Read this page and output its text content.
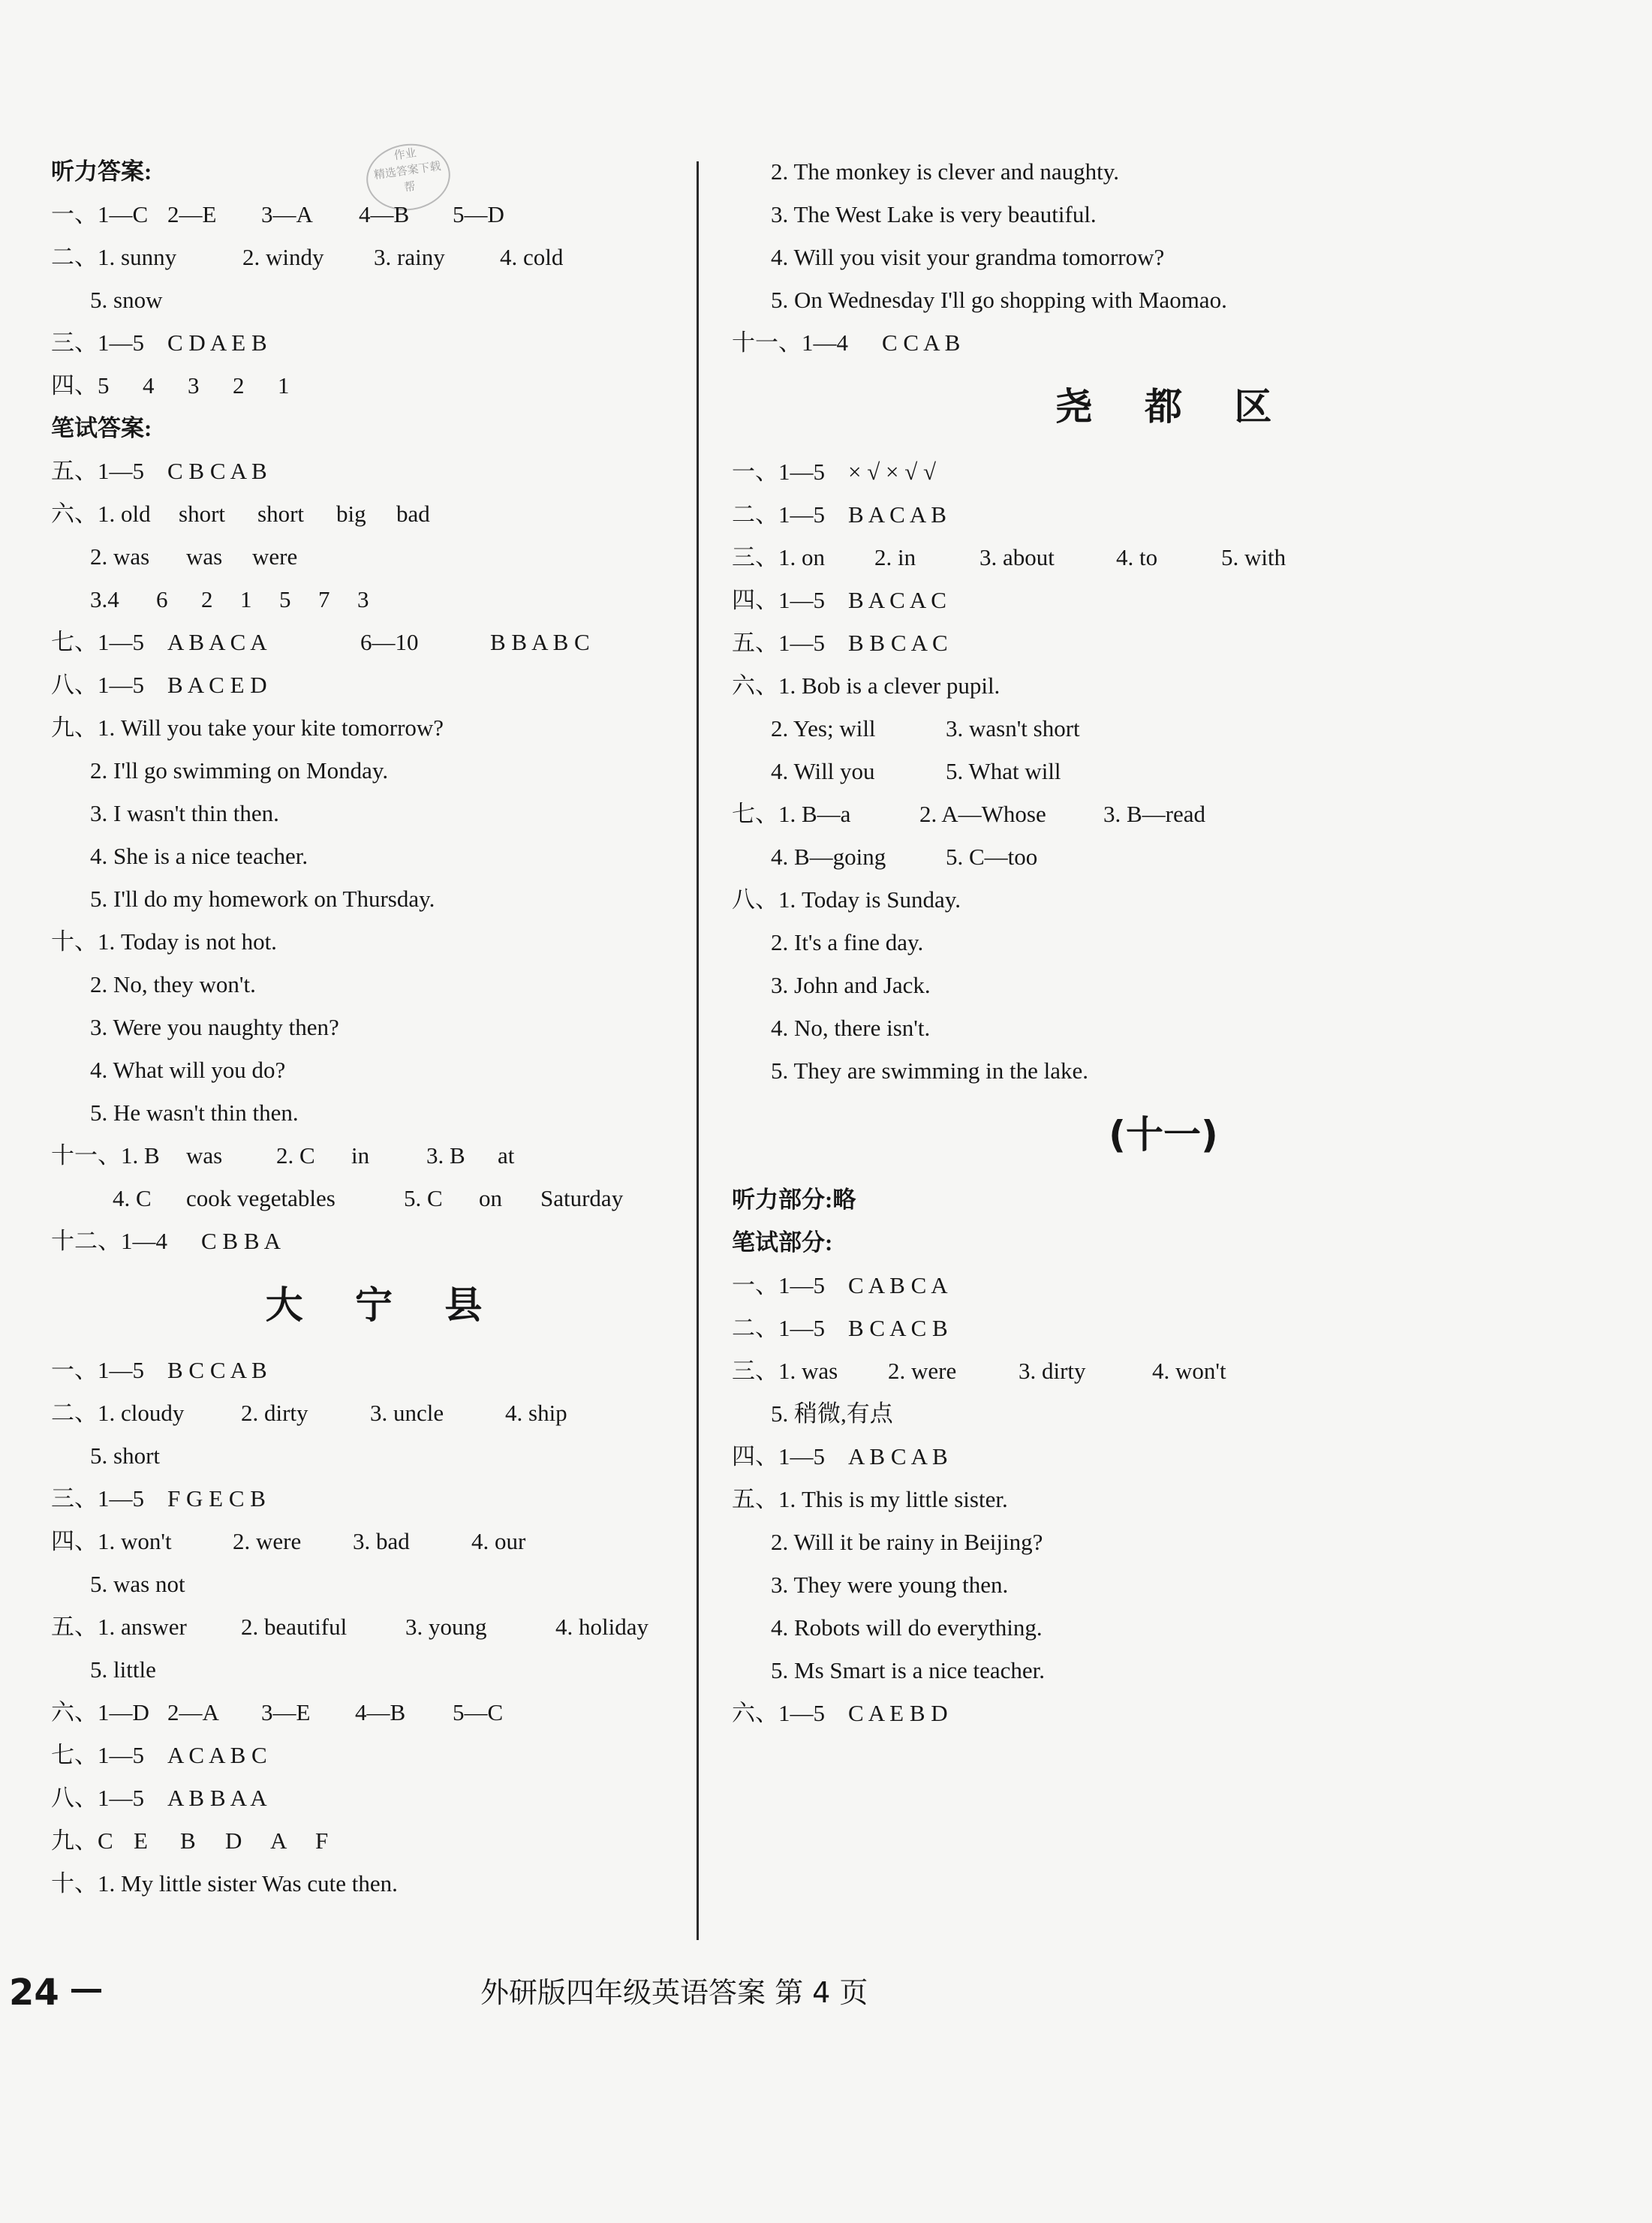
作业
精选答案下载
帮
听力答案:
一、1—C 2—E 3—A 4—B 5—D
二、1. sunny	2. windy 3. rainy 4. cold
5. snow
三、1—5 C D A E B
四、5 4 3 2 1
笔试答案:
五、1—5 C B C A B
六、1. old short short big bad
2. was was were
3.4 6 2 1 5 7 3
七、1—5 A B A C A	6—10	B B A B C
八、1—5 B A C E D
九、1. Will you take your kite tomorrow?
2. I'll go swimming on Monday.
3. I wasn't thin then.
4. She is a nice teacher.
5. I'll do my homework on Thursday.
十、1. Today is not hot.
2. No, they won't.
3. Were you naughty then?
4. What will you do?
5. He wasn't thin then.
十一、1. B was 2. C in 3. B at
4. C cook vegetables	5. C on Saturday
十二、1—4 C B B A
大 宁 县
一、1—5 B C C A B
二、1. cloudy 2. dirty	3. uncle	4. ship
5. short
三、1—5 F G E C B
四、1. won't	2. were 3. bad	4. our
5. was not
五、1. answer 2. beautiful	3. young	4. holiday
5. little
六、1—D 2—A 3—E 4—B 5—C
七、1—5 A C A B C
八、1—5 A B B A A
九、C E B D A F
十、1. My little sister Was cute then.
2. The monkey is clever and naughty.
3. The West Lake is very beautiful.
4. Will you visit your grandma tomorrow?
5. On Wednesday I'll go shopping with Maomao.
十一、1—4 C C A B
尧 都 区
一、1—5 × √ × √ √
二、1—5 B A C A B
三、1. on 2. in	3. about	4. to	5. with
四、1—5 B A C A C
五、1—5 B B C A C
六、1. Bob is a clever pupil.
2. Yes; will	3. wasn't short
4. Will you	5. What will
七、1. B—a	2. A—Whose 3. B—read
4. B—going	5. C—too
八、1. Today is Sunday.
2. It's a fine day.
3. John and Jack.
4. No, there isn't.
5. They are swimming in the lake.
(十一)
听力部分:略
笔试部分:
一、1—5 C A B C A
二、1—5 B C A C B
三、1. was 2. were	3. dirty	4. won't
5. 稍微,有点
四、1—5 A B C A B
五、1. This is my little sister.
2. Will it be rainy in Beijing?
3. They were young then.
4. Robots will do everything.
5. Ms Smart is a nice teacher.
六、1—5 C A E B D
24	外研版四年级英语答案 第 4 页
